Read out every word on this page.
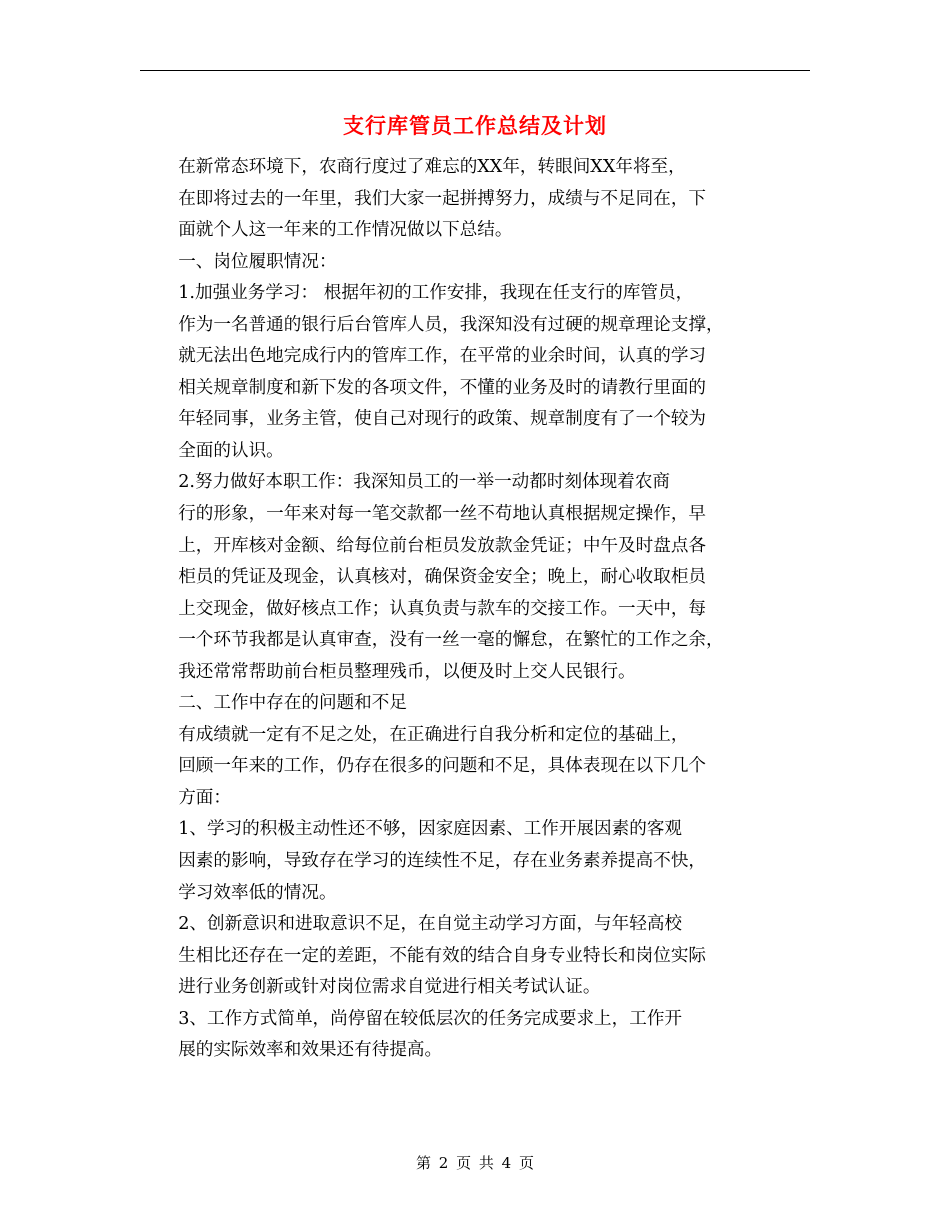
支行库管员工作总结及计划

在新常态环境下，农商行度过了难忘的XX年，转眼间XX年将至，
在即将过去的一年里，我们大家一起拼搏努力，成绩与不足同在，下
面就个人这一年来的工作情况做以下总结。

一、岗位履职情况：

1.加强业务学习： 根据年初的工作安排，我现在任支行的库管员，
作为一名普通的银行后台管库人员，我深知没有过硬的规章理论支撑，
就无法出色地完成行内的管库工作，在平常的业余时间，认真的学习
相关规章制度和新下发的各项文件，不懂的业务及时的请教行里面的
年轻同事，业务主管，使自己对现行的政策、规章制度有了一个较为
全面的认识。

2.努力做好本职工作：我深知员工的一举一动都时刻体现着农商
行的形象，一年来对每一笔交款都一丝不苟地认真根据规定操作，早
上，开库核对金额、给每位前台柜员发放款金凭证；中午及时盘点各
柜员的凭证及现金，认真核对，确保资金安全；晚上，耐心收取柜员
上交现金，做好核点工作；认真负责与款车的交接工作。一天中，每
一个环节我都是认真审查，没有一丝一毫的懈怠，在繁忙的工作之余，
我还常常帮助前台柜员整理残币，以便及时上交人民银行。

二、工作中存在的问题和不足

有成绩就一定有不足之处，在正确进行自我分析和定位的基础上，
回顾一年来的工作，仍存在很多的问题和不足，具体表现在以下几个
方面：

1、学习的积极主动性还不够，因家庭因素、工作开展因素的客观
因素的影响，导致存在学习的连续性不足，存在业务素养提高不快，
学习效率低的情况。

2、创新意识和进取意识不足，在自觉主动学习方面，与年轻高校
生相比还存在一定的差距，不能有效的结合自身专业特长和岗位实际
进行业务创新或针对岗位需求自觉进行相关考试认证。

3、工作方式简单，尚停留在较低层次的任务完成要求上，工作开
展的实际效率和效果还有待提高。

第 2 页 共 4 页
